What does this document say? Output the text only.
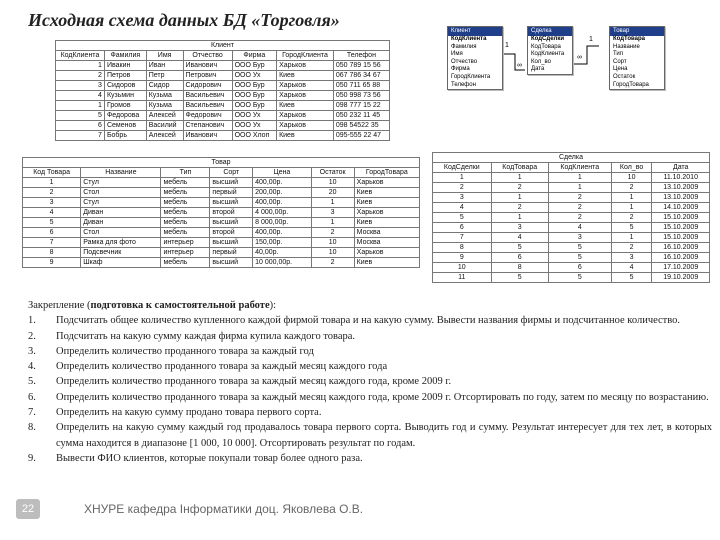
Исходная схема данных БД «Торговля»
1
∞
1
∞
Клиент
КодКлиента
Фамилия
Имя
Отчество
Фирма
ГородКлиента
Телефон
Сделка
КодСделки
КодТовара
КодКлиента
Кол_во
Дата
Товар
КодТовара
Название
Тип
Сорт
Цена
Остаток
ГородТовара
Клиент						
КодКлиента	Фамилия	Имя	Отчество	Фирма	ГородКлиента	Телефон
1	Ивакин	Иван	Иванович	ООО Бур	Харьков	050 789 15 56
2	Петров	Петр	Петрович	ООО Ух	Киев	067 786 34 67
3	Сидоров	Сидор	Сидорович	ООО Бур	Харьков	050 711 65 88
4	Кузьмин	Кузьма	Васильевич	ООО Бур	Харьков	050 998 73 56
1	Громов	Кузьма	Васильевич	ООО Бур	Киев	098 777 15 22
5	Федорова	Алексей	Федорович	ООО Ух	Харьков	050 232 11 45
6	Семенов	Василий	Степанович	ООО Ух	Харьков	098 54522 35
7	Бобрь	Алексей	Иванович	ООО Хлоп	Киев	095-555 22 47
Товар						
Код Товара	Название	Тип	Сорт	Цена	Остаток	ГородТовара
1	Стул	мебель	высший	400,00р.	10	Харьков
2	Стол	мебель	первый	200,00р.	20	Киев
3	Стул	мебель	высший	400,00р.	1	Киев
4	Диван	мебель	второй	4 000,00р.	3	Харьков
5	Диван	мебель	высший	8 000,00р.	1	Киев
6	Стол	мебель	второй	400,00р.	2	Москва
7	Рамка для фото	интерьер	высший	150,00р.	10	Москва
8	Подсвечник	интерьер	первый	40,00р.	10	Харьков
9	Шкаф	мебель	высший	10 000,00р.	2	Киев
Сделка				
КодСделки	КодТовара	КодКлиента	Кол_во	Дата
1	1	1	10	11.10.2010
2	2	1	2	13.10.2009
3	1	2	1	13.10.2009
4	2	2	1	14.10.2009
5	1	2	2	15.10.2009
6	3	4	5	15.10.2009
7	4	3	1	15.10.2009
8	5	5	2	16.10.2009
9	6	5	3	16.10.2009
10	8	6	4	17.10.2009
11	5	5	5	19.10.2009
Закрепление (подготовка к самостоятельной работе):
1. Подсчитать общее количество купленного каждой фирмой товара и на какую сумму. Вывести названия фирмы и подсчитанное количество.
2. Подсчитать на какую сумму каждая фирма купила каждого товара.
3. Определить количество проданного товара за каждый год
4. Определить количество проданного товара за каждый месяц каждого года
5. Определить количество проданного товара за каждый месяц каждого года, кроме 2009 г.
6. Определить количество проданного товара за каждый месяц каждого года, кроме 2009 г. Отсортировать по году, затем по месяцу по возрастанию.
7. Определить на какую сумму продано товара первого сорта.
8. Определить на какую сумму каждый год продавалось товара первого сорта. Выводить год и сумму. Результат интересует для тех лет, в которых сумма находится в диапазоне [1 000, 10 000]. Отсортировать результат по годам.
9. Вывести ФИО клиентов, которые покупали товар более одного раза.
22	ХНУРЕ кафедра Інформатики доц. Яковлева О.В.
